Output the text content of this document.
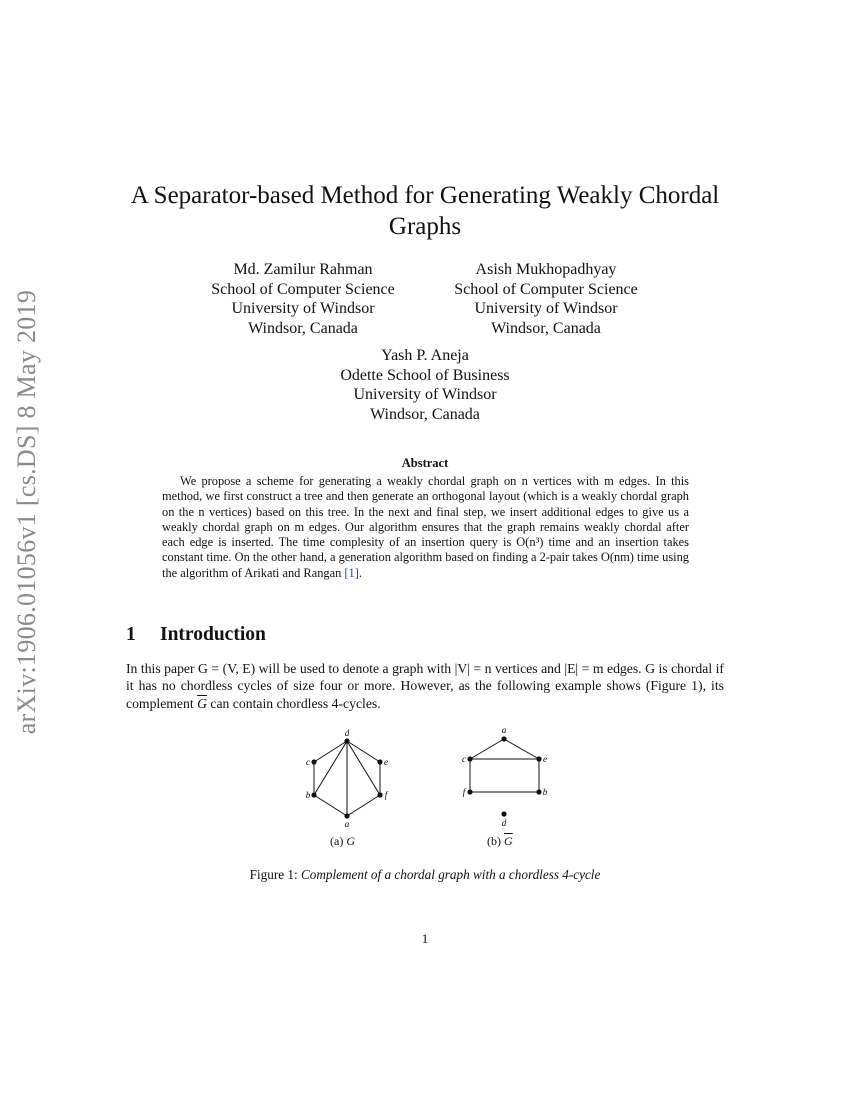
arXiv:1906.01056v1 [cs.DS] 8 May 2019
A Separator-based Method for Generating Weakly Chordal
Graphs
Md. Zamilur Rahman
School of Computer Science
University of Windsor
Windsor, Canada
Asish Mukhopadhyay
School of Computer Science
University of Windsor
Windsor, Canada
Yash P. Aneja
Odette School of Business
University of Windsor
Windsor, Canada
Abstract
We propose a scheme for generating a weakly chordal graph on n vertices with m edges. In this method, we first construct a tree and then generate an orthogonal layout (which is a weakly chordal graph on the n vertices) based on this tree. In the next and final step, we insert additional edges to give us a weakly chordal graph on m edges. Our algorithm ensures that the graph remains weakly chordal after each edge is inserted. The time complesity of an insertion query is O(n³) time and an insertion takes constant time. On the other hand, a generation algorithm based on finding a 2-pair takes O(nm) time using the algorithm of Arikati and Rangan [1].
1 Introduction
In this paper G = (V, E) will be used to denote a graph with |V| = n vertices and |E| = m edges. G is chordal if it has no chordless cycles of size four or more. However, as the following example shows (Figure 1), its complement $\overline{G}$ can contain chordless 4-cycles.
a
b
c
d
e
f
a
b
c
d
e
f
(a) G	(b) $\overline{G}$
Figure 1: Complement of a chordal graph with a chordless 4-cycle
1
